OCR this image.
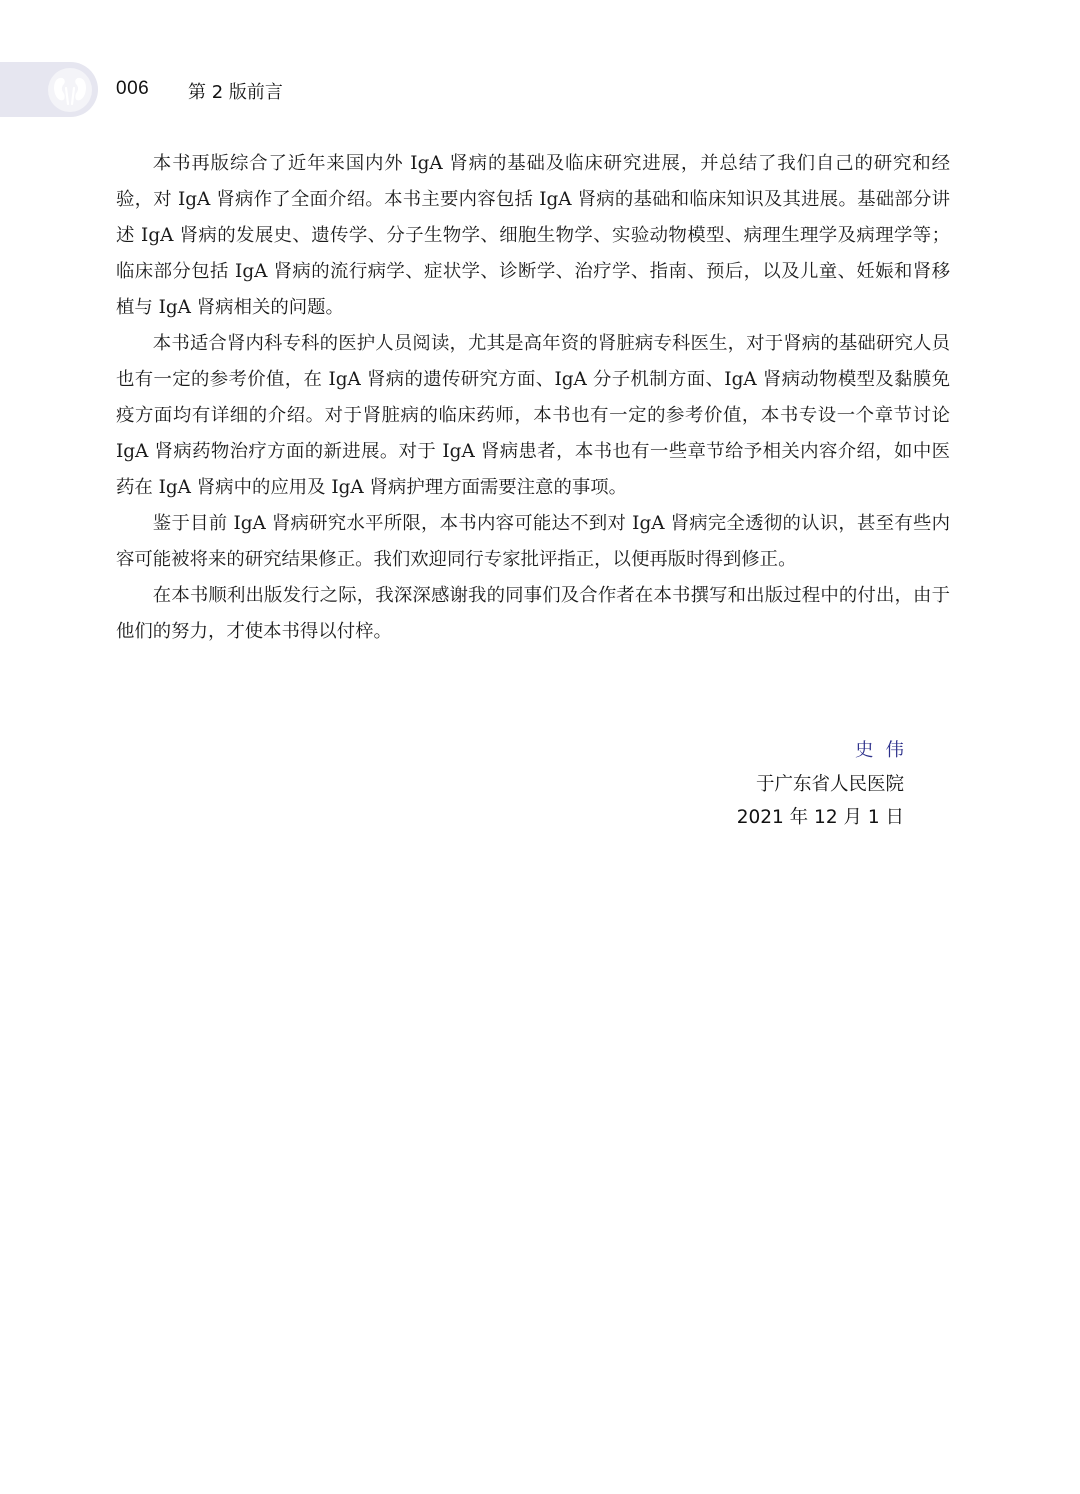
006 第 2 版前言

本书再版综合了近年来国内外 IgA 肾病的基础及临床研究进展，并总结了我们自己的研究和经验，对 IgA 肾病作了全面介绍。本书主要内容包括 IgA 肾病的基础和临床知识及其进展。基础部分讲述 IgA 肾病的发展史、遗传学、分子生物学、细胞生物学、实验动物模型、病理生理学及病理学等；临床部分包括 IgA 肾病的流行病学、症状学、诊断学、治疗学、指南、预后，以及儿童、妊娠和肾移植与 IgA 肾病相关的问题。

本书适合肾内科专科的医护人员阅读，尤其是高年资的肾脏病专科医生，对于肾病的基础研究人员也有一定的参考价值，在 IgA 肾病的遗传研究方面、IgA 分子机制方面、IgA 肾病动物模型及黏膜免疫方面均有详细的介绍。对于肾脏病的临床药师，本书也有一定的参考价值，本书专设一个章节讨论 IgA 肾病药物治疗方面的新进展。对于 IgA 肾病患者，本书也有一些章节给予相关内容介绍，如中医药在 IgA 肾病中的应用及 IgA 肾病护理方面需要注意的事项。

鉴于目前 IgA 肾病研究水平所限，本书内容可能达不到对 IgA 肾病完全透彻的认识，甚至有些内容可能被将来的研究结果修正。我们欢迎同行专家批评指正，以便再版时得到修正。

在本书顺利出版发行之际，我深深感谢我的同事们及合作者在本书撰写和出版过程中的付出，由于他们的努力，才使本书得以付梓。

史伟
于广东省人民医院
2021 年 12 月 1 日
